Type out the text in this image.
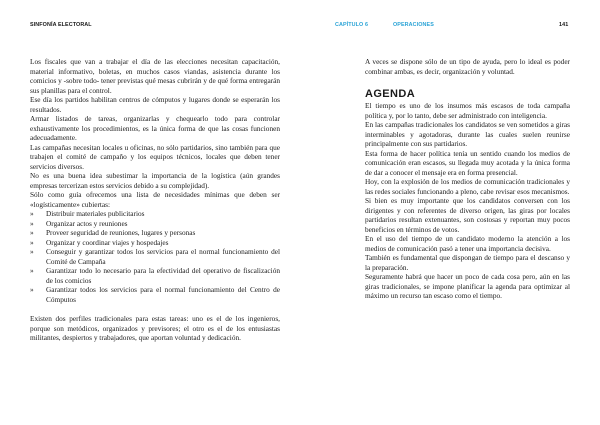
SINFONÍA ELECTORAL	CAPÍTULO 6	OPERACIONES	141

Los fiscales que van a trabajar el día de las elecciones necesitan capacitación, material informativo, boletas, en muchos casos viandas, asistencia durante los comicios y -sobre todo- tener previstas qué mesas cubrirán y de qué forma entregarán sus planillas para el control.

Ese día los partidos habilitan centros de cómputos y lugares donde se esperarán los resultados.

Armar listados de tareas, organizarlas y chequearlo todo para controlar exhaustivamente los procedimientos, es la única forma de que las cosas funcionen adecuadamente.

Las campañas necesitan locales u oficinas, no sólo partidarios, sino también para que trabajen el comité de campaño y los equipos técnicos, locales que deben tener servicios diversos.

No es una buena idea subestimar la importancia de la logística (aún grandes empresas tercerizan estos servicios debido a su complejidad).

Sólo como guía ofrecemos una lista de necesidades mínimas que deben ser «logísticamente» cubiertas:

»	Distribuir materiales publicitarios
»	Organizar actos y reuniones
»	Proveer seguridad de reuniones, lugares y personas
»	Organizar y coordinar viajes y hospedajes
»	Conseguir y garantizar todos los servicios para el normal funcionamiento del Comité de Campaña
»	Garantizar todo lo necesario para la efectividad del operativo de fiscalización de los comicios
»	Garantizar todos los servicios para el normal funcionamiento del Centro de Cómputos

Existen dos perfiles tradicionales para estas tareas: uno es el de los ingenieros, porque son metódicos, organizados y previsores; el otro es el de los entusiastas militantes, despiertos y trabajadores, que aportan voluntad y dedicación.

A veces se dispone sólo de un tipo de ayuda, pero lo ideal es poder combinar ambas, es decir, organización y voluntad.

AGENDA

El tiempo es uno de los insumos más escasos de toda campaña política y, por lo tanto, debe ser administrado con inteligencia.

En las campañas tradicionales los candidatos se ven sometidos a giras interminables y agotadoras, durante las cuales suelen reunirse principalmente con sus partidarios.

Esta forma de hacer política tenía un sentido cuando los medios de comunicación eran escasos, su llegada muy acotada y la única forma de dar a conocer el mensaje era en forma presencial.

Hoy, con la explosión de los medios de comunicación tradicionales y las redes sociales funcionando a pleno, cabe revisar esos mecanismos.

Si bien es muy importante que los candidatos conversen con los dirigentes y con referentes de diverso origen, las giras por locales partidarios resultan extenuantes, son costosas y reportan muy pocos beneficios en términos de votos.

En el uso del tiempo de un candidato moderno la atención a los medios de comunicación pasó a tener una importancia decisiva.

También es fundamental que dispongan de tiempo para el descanso y la preparación.

Seguramente habrá que hacer un poco de cada cosa pero, aún en las giras tradicionales, se impone planificar la agenda para optimizar al máximo un recurso tan escaso como el tiempo.
